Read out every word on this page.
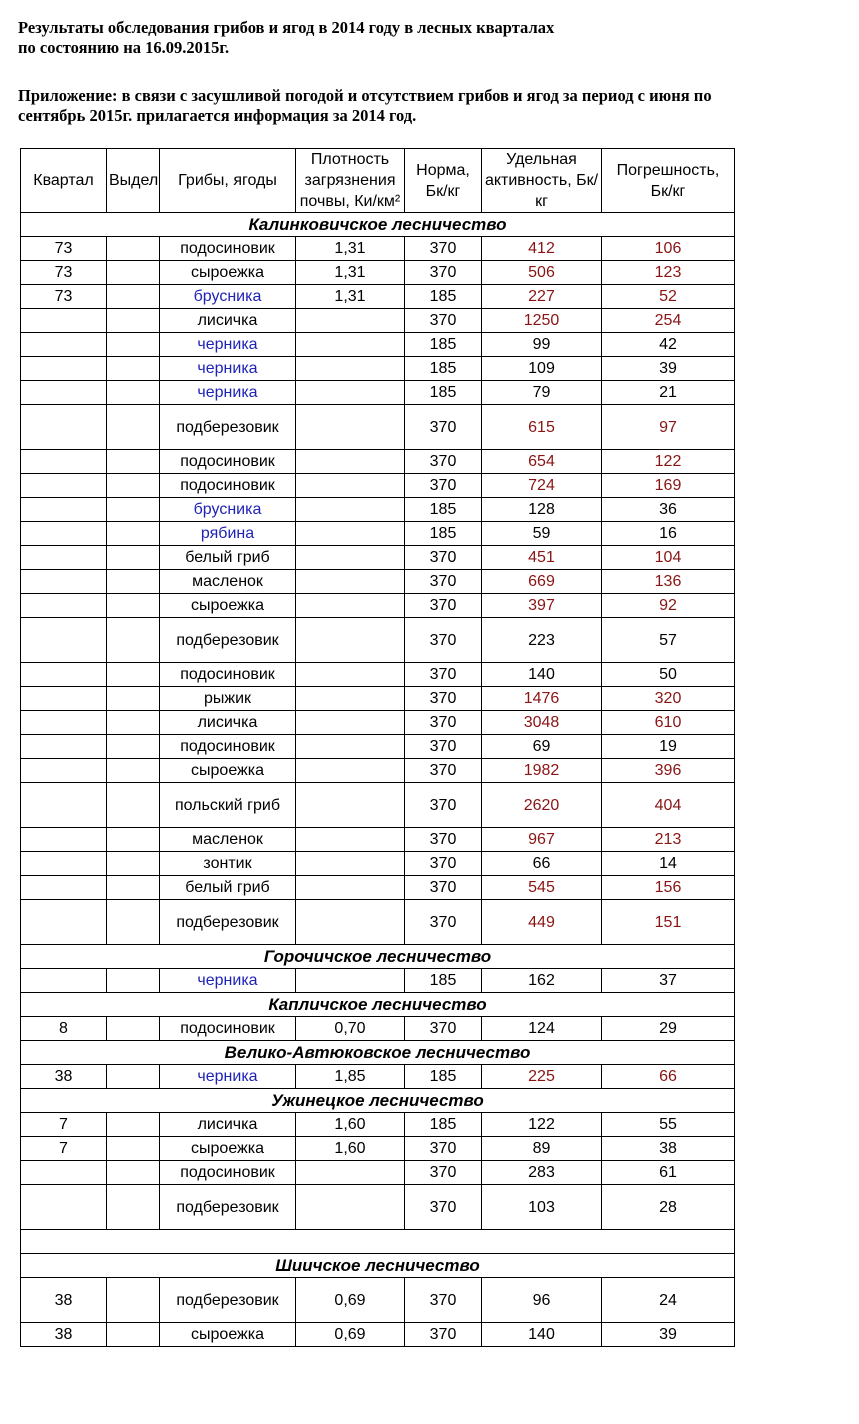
Результаты обследования грибов и ягод в 2014 году в лесных кварталах
по состоянию на 16.09.2015г.
Приложение: в связи с засушливой погодой и отсутствием грибов и ягод за период с июня по
сентябрь 2015г. прилагается информация за 2014 год.
Квартал	Выдел	Грибы, ягоды	Плотность загрязнения почвы, Ки/км²	Норма, Бк/кг	Удельная активность, Бк/кг	Погрешность, Бк/кг
Калинковичское лесничество						
73		подосиновик	1,31	370	412	106
73		сыроежка	1,31	370	506	123
73		брусника	1,31	185	227	52
		лисичка		370	1250	254
		черника		185	99	42
		черника		185	109	39
		черника		185	79	21
		подберезовик		370	615	97
		подосиновик		370	654	122
		подосиновик		370	724	169
		брусника		185	128	36
		рябина		185	59	16
		белый гриб		370	451	104
		масленок		370	669	136
		сыроежка		370	397	92
		подберезовик		370	223	57
		подосиновик		370	140	50
		рыжик		370	1476	320
		лисичка		370	3048	610
		подосиновик		370	69	19
		сыроежка		370	1982	396
		польский гриб		370	2620	404
		масленок		370	967	213
		зонтик		370	66	14
		белый гриб		370	545	156
		подберезовик		370	449	151
Горочичское лесничество						
		черника		185	162	37
Капличское лесничество						
8		подосиновик	0,70	370	124	29
Велико-Автюковское лесничество						
38		черника	1,85	185	225	66
Ужинецкое лесничество						
7		лисичка	1,60	185	122	55
7		сыроежка	1,60	370	89	38
		подосиновик		370	283	61
		подберезовик		370	103	28

Шиичское лесничество						
38		подберезовик	0,69	370	96	24
38		сыроежка	0,69	370	140	39
